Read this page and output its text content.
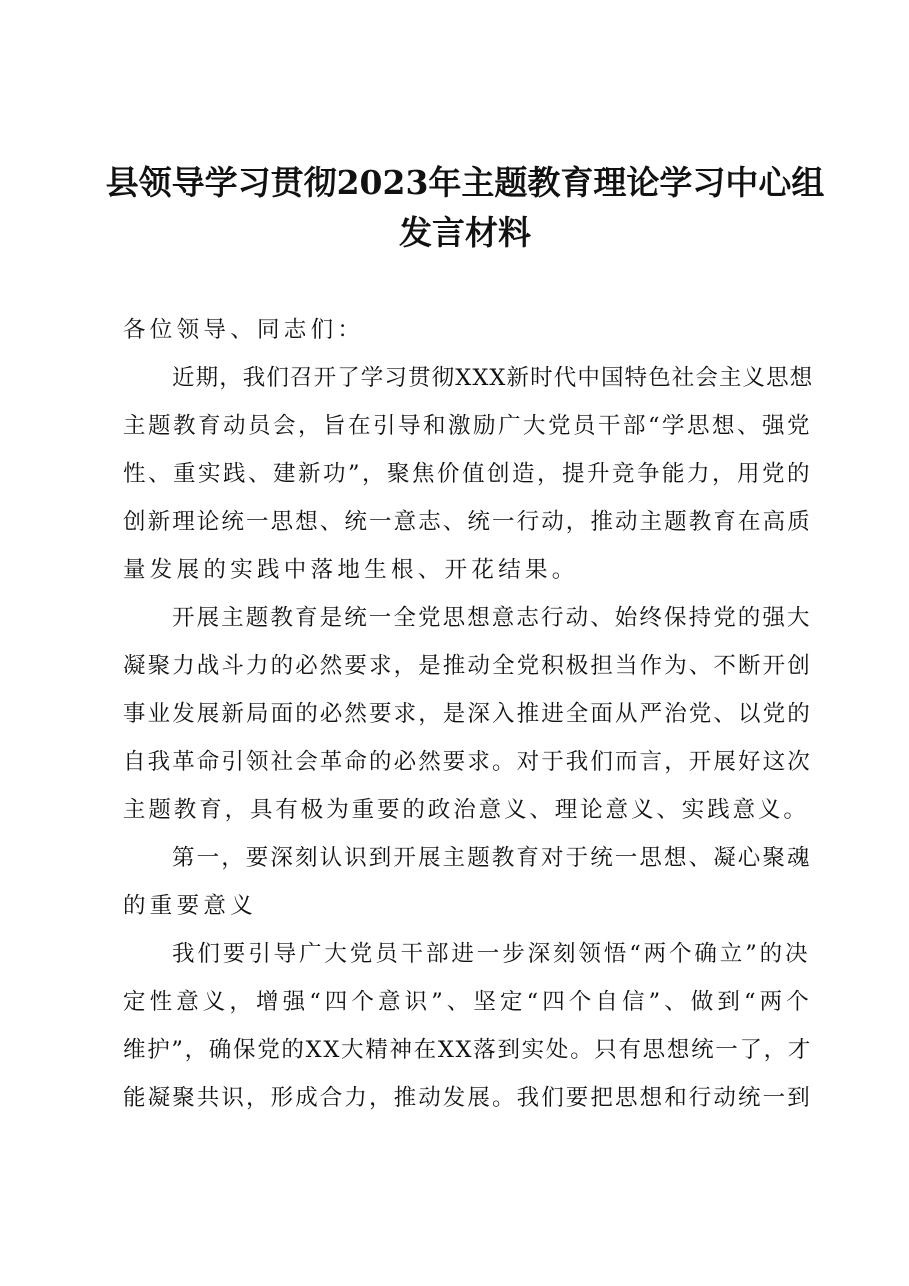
县领导学习贯彻2023年主题教育理论学习中心组
发言材料
各位领导、同志们：
近期，我们召开了学习贯彻XXX新时代中国特色社会主义思想
主题教育动员会，旨在引导和激励广大党员干部“学思想、强党
性、重实践、建新功”，聚焦价值创造，提升竞争能力，用党的
创新理论统一思想、统一意志、统一行动，推动主题教育在高质
量发展的实践中落地生根、开花结果。
开展主题教育是统一全党思想意志行动、始终保持党的强大
凝聚力战斗力的必然要求，是推动全党积极担当作为、不断开创
事业发展新局面的必然要求，是深入推进全面从严治党、以党的
自我革命引领社会革命的必然要求。对于我们而言，开展好这次
主题教育，具有极为重要的政治意义、理论意义、实践意义。
第一，要深刻认识到开展主题教育对于统一思想、凝心聚魂
的重要意义
我们要引导广大党员干部进一步深刻领悟“两个确立”的决
定性意义，增强“四个意识”、坚定“四个自信”、做到“两个
维护”，确保党的XX大精神在XX落到实处。只有思想统一了，才
能凝聚共识，形成合力，推动发展。我们要把思想和行动统一到
